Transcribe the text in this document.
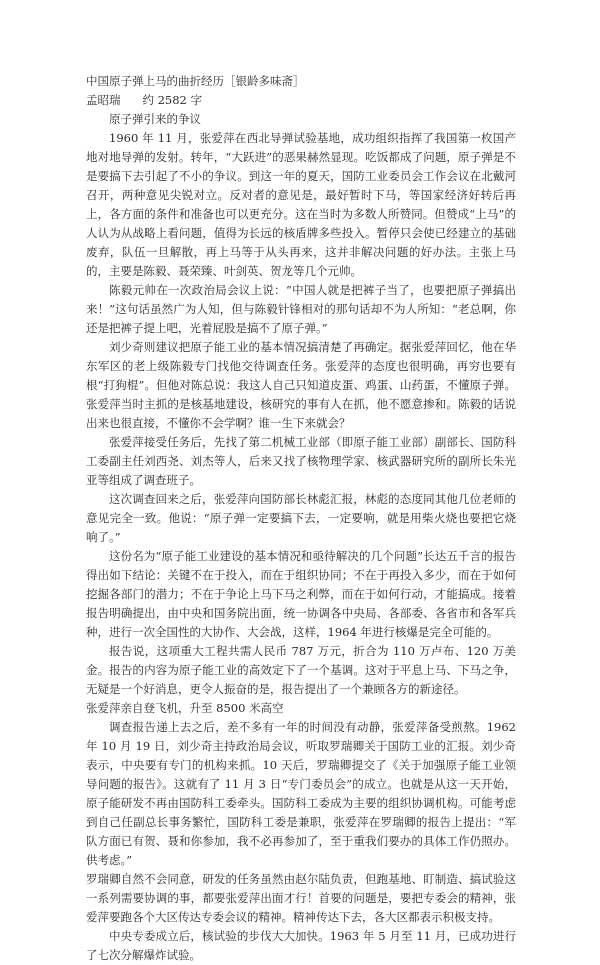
中国原子弹上马的曲折经历［银龄多味斋］

孟昭瑞 约 2582 字

原子弹引来的争议

1960 年 11 月，张爱萍在西北导弹试验基地，成功组织指挥了我国第一枚国产地对地导弹的发射。转年，“大跃进”的恶果赫然显现。吃饭都成了问题，原子弹是不是要搞下去引起了不小的争议。到这一年的夏天，国防工业委员会工作会议在北戴河召开，两种意见尖锐对立。反对者的意见是，最好暂时下马，等国家经济好转后再上，各方面的条件和准备也可以更充分。这在当时为多数人所赞同。但赞成“上马”的人认为从战略上看问题，值得为长远的核盾牌多些投入。暂停只会使已经建立的基础废弃，队伍一旦解散，再上马等于从头再来，这并非解决问题的好办法。主张上马的，主要是陈毅、聂荣臻、叶剑英、贺龙等几个元帅。

陈毅元帅在一次政治局会议上说：“中国人就是把裤子当了，也要把原子弹搞出来！”这句话虽然广为人知，但与陈毅针锋相对的那句话却不为人所知：“老总啊，你还是把裤子提上吧，光着屁股是搞不了原子弹。”

刘少奇则建议把原子能工业的基本情况搞清楚了再确定。据张爱萍回忆，他在华东军区的老上级陈毅专门找他交待调查任务。张爱萍的态度也很明确，再穷也要有根“打狗棍”。但他对陈总说：我这人自己只知道皮蛋、鸡蛋、山药蛋，不懂原子弹。张爱萍当时主抓的是核基地建设，核研究的事有人在抓，他不愿意掺和。陈毅的话说出来也很直接，不懂你不会学啊？谁一生下来就会？

张爱萍接受任务后，先找了第二机械工业部（即原子能工业部）副部长、国防科工委副主任刘西尧、刘杰等人，后来又找了核物理学家、核武器研究所的副所长朱光亚等组成了调查班子。

这次调查回来之后，张爱萍向国防部长林彪汇报，林彪的态度同其他几位老师的意见完全一致。他说：“原子弹一定要搞下去，一定要响，就是用柴火烧也要把它烧响了。”

这份名为“原子能工业建设的基本情况和亟待解决的几个问题”长达五千言的报告得出如下结论：关键不在于投入，而在于组织协同；不在于再投入多少，而在于如何挖掘各部门的潜力；不在于争论上马下马之利弊，而在于如何行动，才能搞成。接着报告明确提出，由中央和国务院出面，统一协调各中央局、各部委、各省市和各军兵种，进行一次全国性的大协作、大会战，这样，1964 年进行核爆是完全可能的。

报告说，这项重大工程共需人民币 787 万元，折合为 110 万卢布、120 万美金。报告的内容为原子能工业的高效定下了一个基调。这对于平息上马、下马之争，无疑是一个好消息，更令人振奋的是，报告提出了一个兼顾各方的新途径。

张爱萍亲自登飞机，升至 8500 米高空

调查报告递上去之后，差不多有一年的时间没有动静，张爱萍备受煎熬。1962 年 10 月 19 日，刘少奇主持政治局会议，听取罗瑞卿关于国防工业的汇报。刘少奇表示，中央要有专门的机构来抓。10 天后，罗瑞卿提交了《关于加强原子能工业领导问题的报告》。这就有了 11 月 3 日“专门委员会”的成立。也就是从这一天开始，原子能研发不再由国防科工委牵头。国防科工委成为主要的组织协调机构。可能考虑到自己任副总长事务繁忙，国防科工委是兼职，张爱萍在罗瑞卿的报告上提出：“军队方面已有贺、聂和你参加，我不必再参加了，至于重我们要办的具体工作仍照办。供考虑。”

罗瑞卿自然不会同意，研发的任务虽然由赵尔陆负责，但跑基地、盯制造、搞试验这一系列需要协调的事，都要张爱萍出面才行！首要的问题是，要把专委会的精神，张爱萍要跑各个大区传达专委会议的精神。精神传达下去，各大区都表示积极支持。

中央专委成立后，核试验的步伐大大加快。1963 年 5 月至 11 月，已成功进行了七次分解爆炸试验。
